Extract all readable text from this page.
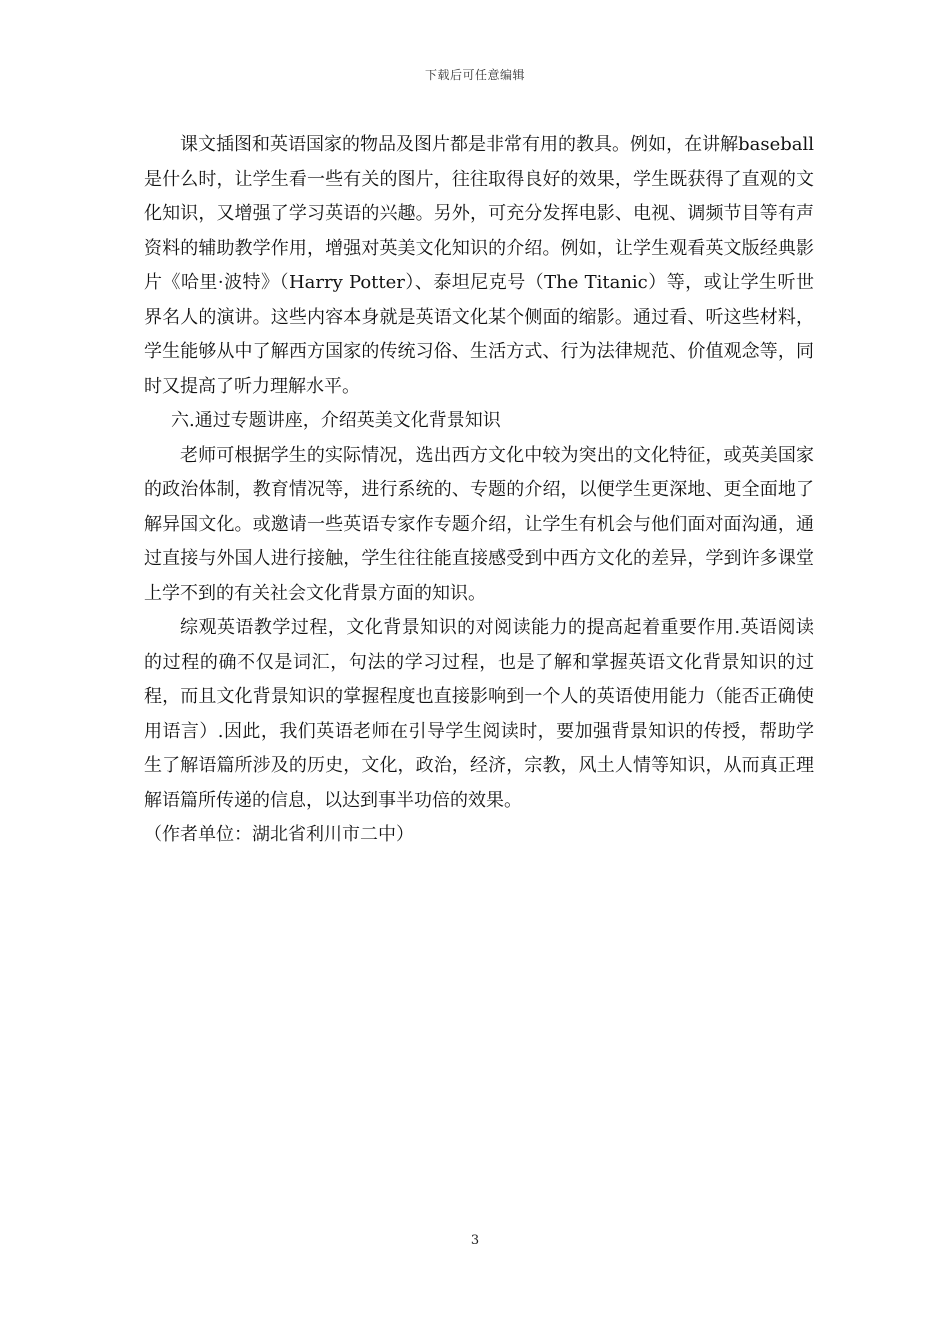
下载后可任意编辑

课文插图和英语国家的物品及图片都是非常有用的教具。例如，在讲解baseball是什么时，让学生看一些有关的图片，往往取得良好的效果，学生既获得了直观的文化知识，又增强了学习英语的兴趣。另外，可充分发挥电影、电视、调频节目等有声资料的辅助教学作用，增强对英美文化知识的介绍。例如，让学生观看英文版经典影片《哈里·波特》（Harry Potter）、泰坦尼克号（The Titanic）等，或让学生听世界名人的演讲。这些内容本身就是英语文化某个侧面的缩影。通过看、听这些材料，学生能够从中了解西方国家的传统习俗、生活方式、行为法律规范、价值观念等，同时又提高了听力理解水平。

六.通过专题讲座，介绍英美文化背景知识

老师可根据学生的实际情况，选出西方文化中较为突出的文化特征，或英美国家的政治体制，教育情况等，进行系统的、专题的介绍，以便学生更深地、更全面地了解异国文化。或邀请一些英语专家作专题介绍，让学生有机会与他们面对面沟通，通过直接与外国人进行接触，学生往往能直接感受到中西方文化的差异，学到许多课堂上学不到的有关社会文化背景方面的知识。

综观英语教学过程，文化背景知识的对阅读能力的提高起着重要作用.英语阅读的过程的确不仅是词汇，句法的学习过程，也是了解和掌握英语文化背景知识的过程，而且文化背景知识的掌握程度也直接影响到一个人的英语使用能力（能否正确使用语言）.因此，我们英语老师在引导学生阅读时，要加强背景知识的传授，帮助学生了解语篇所涉及的历史，文化，政治，经济，宗教，风土人情等知识，从而真正理解语篇所传递的信息，以达到事半功倍的效果。

（作者单位：湖北省利川市二中）

3
